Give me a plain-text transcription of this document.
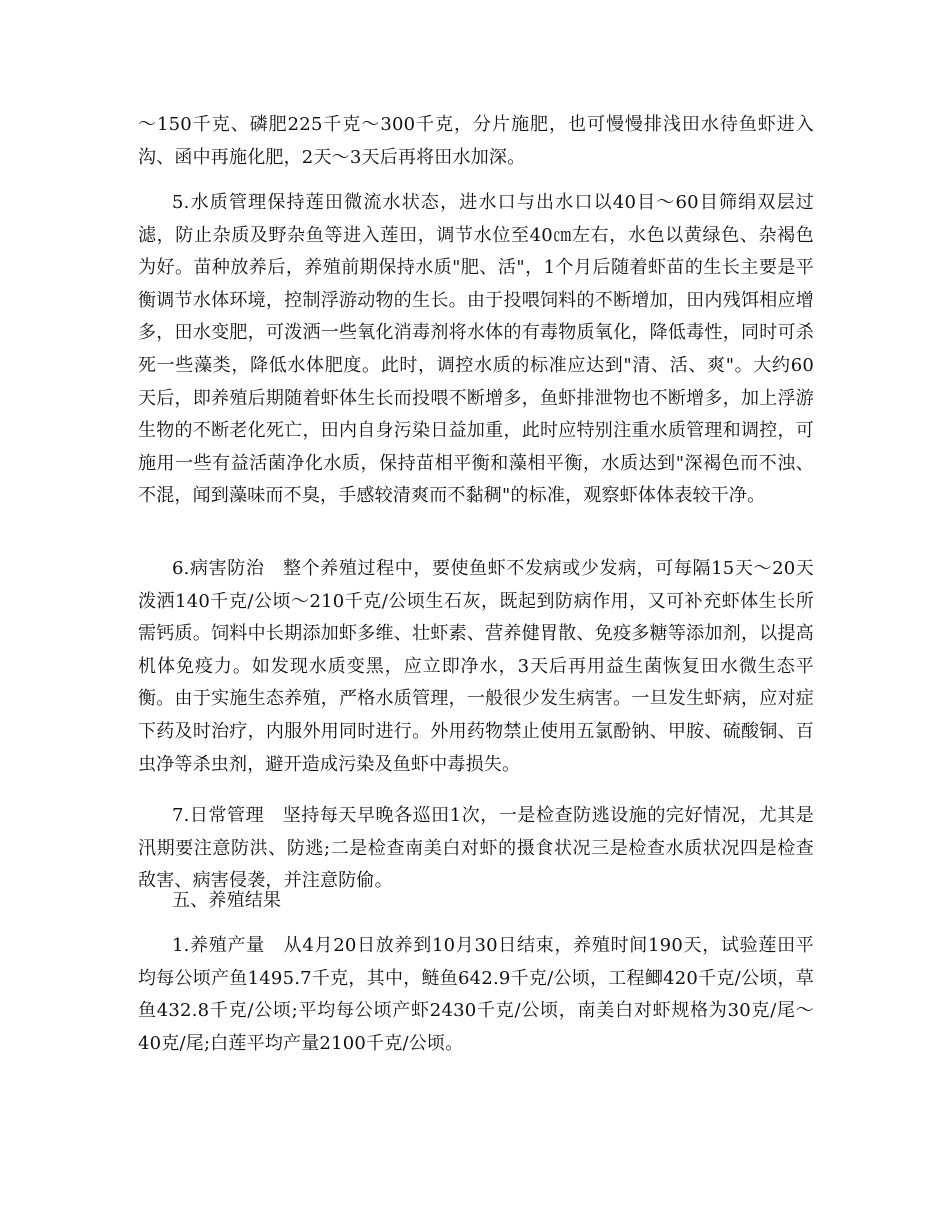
～150千克、磷肥225千克～300千克，分片施肥，也可慢慢排浅田水待鱼虾进入沟、函中再施化肥，2天～3天后再将田水加深。

5.水质管理保持莲田微流水状态，进水口与出水口以40目～60目筛绢双层过滤，防止杂质及野杂鱼等进入莲田，调节水位至40㎝左右，水色以黄绿色、杂褐色为好。苗种放养后，养殖前期保持水质"肥、活"，1个月后随着虾苗的生长主要是平衡调节水体环境，控制浮游动物的生长。由于投喂饲料的不断增加，田内残饵相应增多，田水变肥，可泼洒一些氧化消毒剂将水体的有毒物质氧化，降低毒性，同时可杀死一些藻类，降低水体肥度。此时，调控水质的标准应达到"清、活、爽"。大约60天后，即养殖后期随着虾体生长而投喂不断增多，鱼虾排泄物也不断增多，加上浮游生物的不断老化死亡，田内自身污染日益加重，此时应特别注重水质管理和调控，可施用一些有益活菌净化水质，保持苗相平衡和藻相平衡，水质达到"深褐色而不浊、不混，闻到藻味而不臭，手感较清爽而不黏稠"的标准，观察虾体体表较干净。

6.病害防治　整个养殖过程中，要使鱼虾不发病或少发病，可每隔15天～20天泼洒140千克/公顷～210千克/公顷生石灰，既起到防病作用，又可补充虾体生长所需钙质。饲料中长期添加虾多维、壮虾素、营养健胃散、免疫多糖等添加剂，以提高机体免疫力。如发现水质变黑，应立即净水，3天后再用益生菌恢复田水微生态平衡。由于实施生态养殖，严格水质管理，一般很少发生病害。一旦发生虾病，应对症下药及时治疗，内服外用同时进行。外用药物禁止使用五氯酚钠、甲胺、硫酸铜、百虫净等杀虫剂，避开造成污染及鱼虾中毒损失。

7.日常管理　坚持每天早晚各巡田1次，一是检查防逃设施的完好情况，尤其是汛期要注意防洪、防逃;二是检查南美白对虾的摄食状况三是检查水质状况四是检查敌害、病害侵袭，并注意防偷。

五、养殖结果

1.养殖产量　从4月20日放养到10月30日结束，养殖时间190天，试验莲田平均每公顷产鱼1495.7千克，其中，鲢鱼642.9千克/公顷，工程鲫420千克/公顷，草鱼432.8千克/公顷;平均每公顷产虾2430千克/公顷，南美白对虾规格为30克/尾～40克/尾;白莲平均产量2100千克/公顷。
